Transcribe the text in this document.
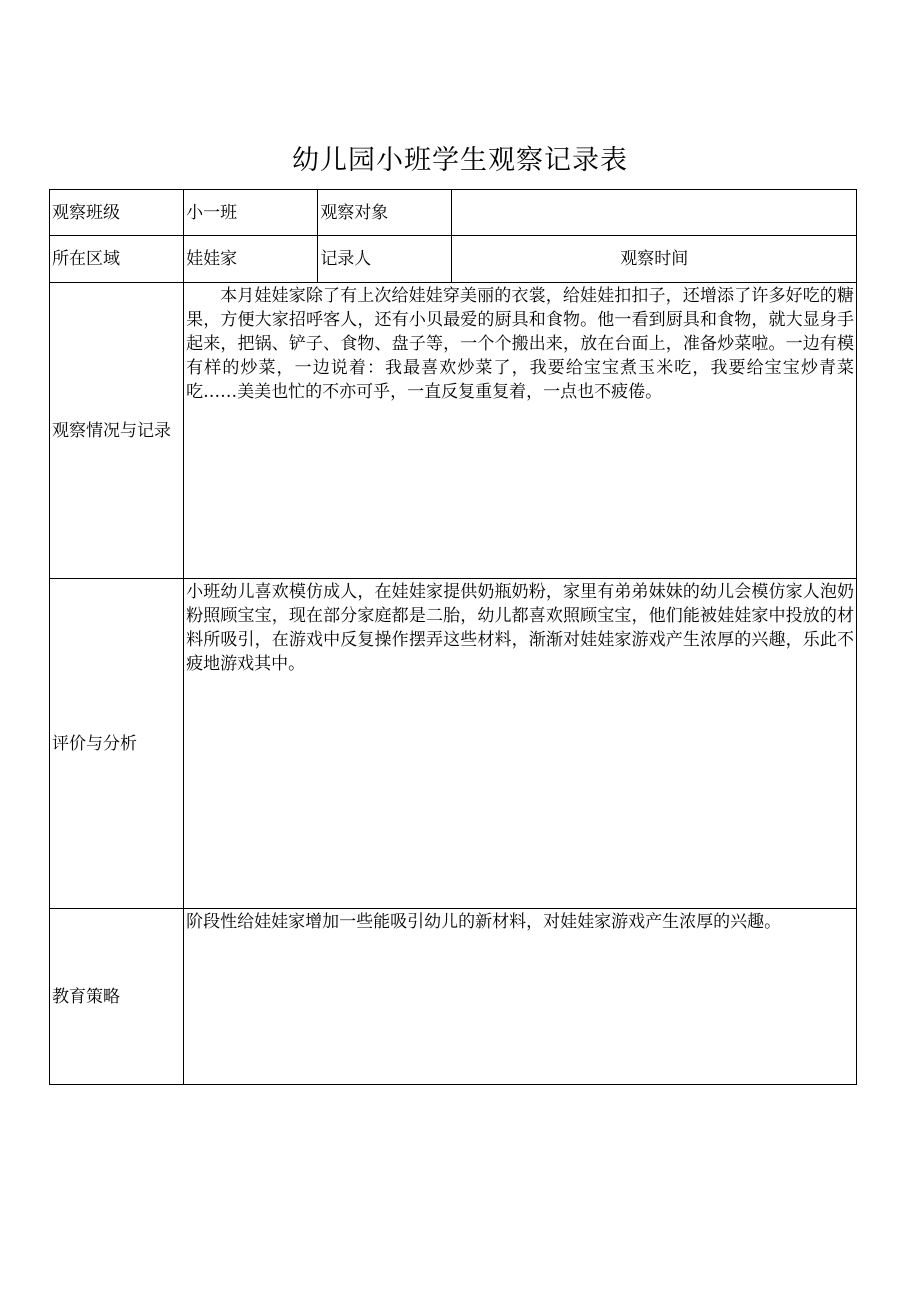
幼儿园小班学生观察记录表
观察班级	小一班	观察对象	
所在区域	娃娃家	记录人	观察时间
观察情况与记录	本月娃娃家除了有上次给娃娃穿美丽的衣裳，给娃娃扣扣子，还增添了许多好吃的糖果，方便大家招呼客人，还有小贝最爱的厨具和食物。他一看到厨具和食物，就大显身手起来，把锅、铲子、食物、盘子等，一个个搬出来，放在台面上，准备炒菜啦。一边有模有样的炒菜，一边说着：我最喜欢炒菜了，我要给宝宝煮玉米吃，我要给宝宝炒青菜吃……美美也忙的不亦可乎，一直反复重复着，一点也不疲倦。		
评价与分析	小班幼儿喜欢模仿成人，在娃娃家提供奶瓶奶粉，家里有弟弟妹妹的幼儿会模仿家人泡奶粉照顾宝宝，现在部分家庭都是二胎，幼儿都喜欢照顾宝宝，他们能被娃娃家中投放的材料所吸引，在游戏中反复操作摆弄这些材料，渐渐对娃娃家游戏产生浓厚的兴趣，乐此不疲地游戏其中。		
教育策略	阶段性给娃娃家增加一些能吸引幼儿的新材料，对娃娃家游戏产生浓厚的兴趣。		
